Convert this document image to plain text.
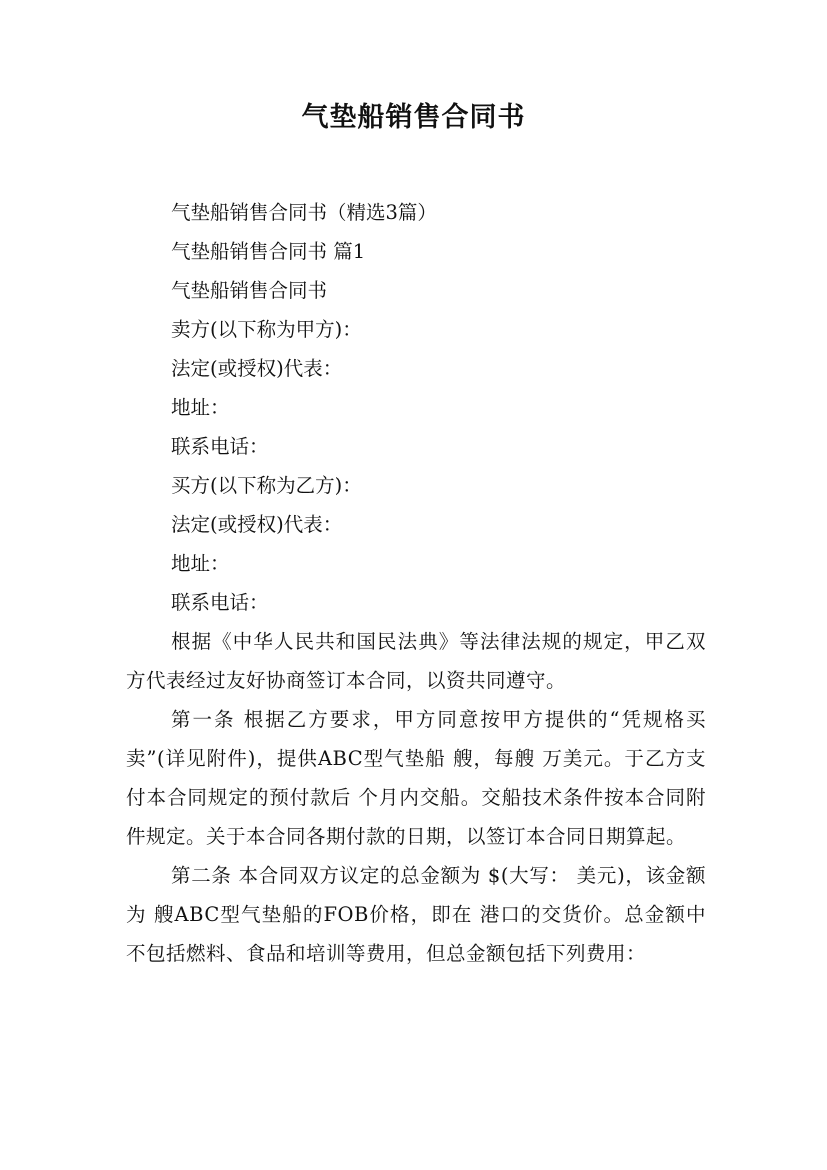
气垫船销售合同书
气垫船销售合同书（精选3篇）
气垫船销售合同书 篇1
气垫船销售合同书
卖方(以下称为甲方)：
法定(或授权)代表：
地址：
联系电话：
买方(以下称为乙方)：
法定(或授权)代表：
地址：
联系电话：
根据《中华人民共和国民法典》等法律法规的规定，甲乙双方代表经过友好协商签订本合同，以资共同遵守。
第一条 根据乙方要求，甲方同意按甲方提供的“凭规格买卖”(详见附件)，提供ABC型气垫船 艘，每艘 万美元。于乙方支付本合同规定的预付款后 个月内交船。交船技术条件按本合同附件规定。关于本合同各期付款的日期，以签订本合同日期算起。
第二条 本合同双方议定的总金额为 $(大写： 美元)，该金额为 艘ABC型气垫船的FOB价格，即在 港口的交货价。总金额中不包括燃料、食品和培训等费用，但总金额包括下列费用：
